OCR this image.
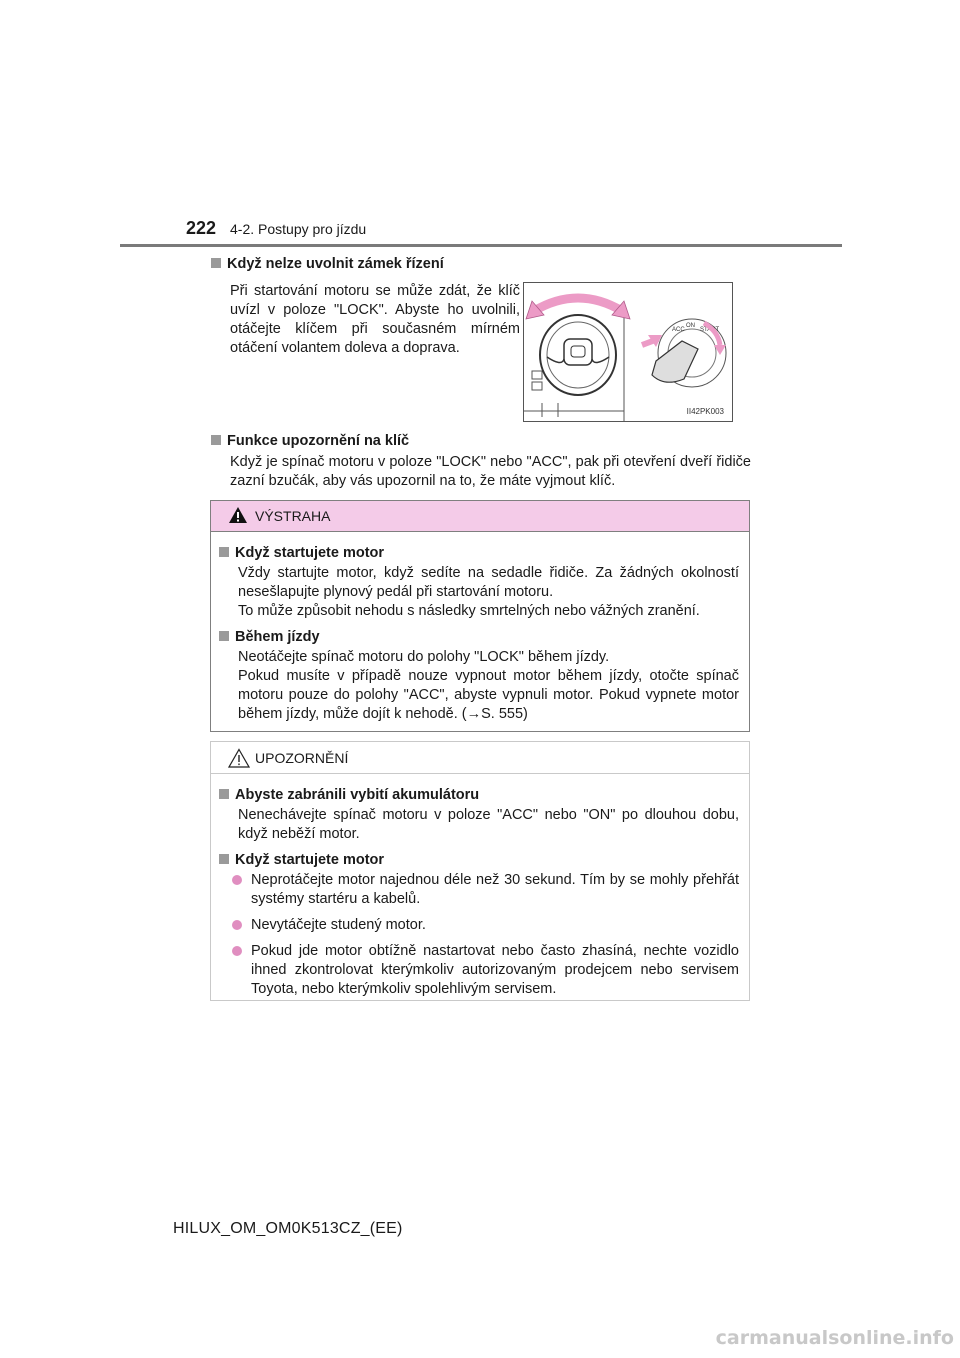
222 4-2. Postupy pro jízdu
Když nelze uvolnit zámek řízení
Při startování motoru se může zdát, že klíč uvízl v poloze "LOCK". Abyste ho uvolnili, otáčejte klíčem při současném mírném otáčení volantem doleva a doprava.
ACC
ON
START
II42PK003
Funkce upozornění na klíč
Když je spínač motoru v poloze "LOCK" nebo "ACC", pak při otevření dveří řidiče zazní bzučák, aby vás upozornil na to, že máte vyjmout klíč.
VÝSTRAHA
Když startujete motor
Vždy startujte motor, když sedíte na sedadle řidiče. Za žádných okolností nesešlapujte plynový pedál při startování motoru.
To může způsobit nehodu s následky smrtelných nebo vážných zranění.
Během jízdy
Neotáčejte spínač motoru do polohy "LOCK" během jízdy.
Pokud musíte v případě nouze vypnout motor během jízdy, otočte spínač motoru pouze do polohy "ACC", abyste vypnuli motor. Pokud vypnete motor během jízdy, může dojít k nehodě. (→S. 555)
UPOZORNĚNÍ
Abyste zabránili vybití akumulátoru
Nenechávejte spínač motoru v poloze "ACC" nebo "ON" po dlouhou dobu, když neběží motor.
Když startujete motor
Neprotáčejte motor najednou déle než 30 sekund. Tím by se mohly přehřát systémy startéru a kabelů.
Nevytáčejte studený motor.
Pokud jde motor obtížně nastartovat nebo často zhasíná, nechte vozidlo ihned zkontrolovat kterýmkoliv autorizovaným prodejcem nebo servisem Toyota, nebo kterýmkoliv spolehlivým servisem.
HILUX_OM_OM0K513CZ_(EE)
carmanualsonline.info
